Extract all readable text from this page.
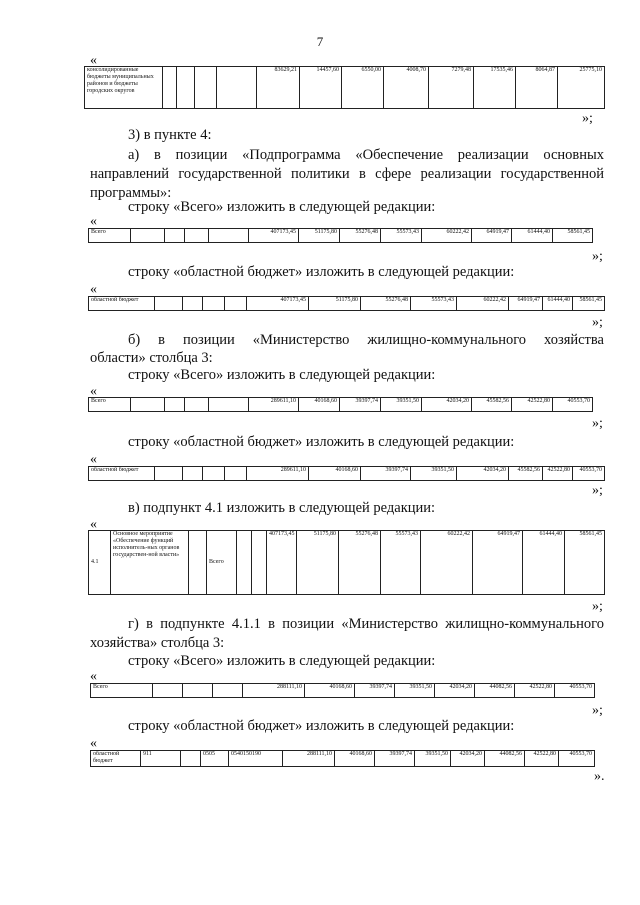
7
«
консолидированные бюджеты муниципальных районов и бюджеты городских округов					83629,21	14457,60	6550,00	4008,70	7279,48	17535,46	8064,87	25775,10
»;
3) в пункте 4:
а) в позиции «Подпрограмма «Обеспечение реализации основных
направлений государственной политики в сфере реализации государственной
программы»:
строку «Всего» изложить в следующей редакции:
«
Всего					407173,45	51175,80	55276,48	55573,43	60222,42	64919,47	61444,40	58561,45
»;
строку «областной бюджет» изложить в следующей редакции:
«
областной бюджет					407173,45	51175,80	55276,48	55573,43	60222,42	64919,47	61444,40	58561,45
»;
б) в позиции «Министерство жилищно-коммунального хозяйства
области» столбца 3:
строку «Всего» изложить в следующей редакции:
«
Всего					289611,10	40168,60	39397,74	39351,50	42034,20	45582,56	42522,80	40553,70
»;
строку «областной бюджет» изложить в следующей редакции:
«
областной бюджет					289611,10	40168,60	39397,74	39351,50	42034,20	45582,56	42522,80	40553,70
»;
в) подпункт 4.1 изложить в следующей редакции:
«
4.1	Основное мероприятие «Обеспечение функций исполнитель-ных органов государствен-ной власти»		Всего			407173,45	51175,80	55276,48	55573,43	60222,42	64919,47	61444,40	58561,45
»;
г) в подпункте 4.1.1 в позиции «Министерство жилищно-коммунального
хозяйства» столбца 3:
строку «Всего» изложить в следующей редакции:
«
Всего				288111,10	40168,60	39397,74	39351,50	42034,20	44082,56	42522,80	40553,70
»;
строку «областной бюджет» изложить в следующей редакции:
«
областной бюджет	911		0505	0540150190	288111,10	40168,60	39397,74	39351,50	42034,20	44082,56	42522,80	40553,70
».
